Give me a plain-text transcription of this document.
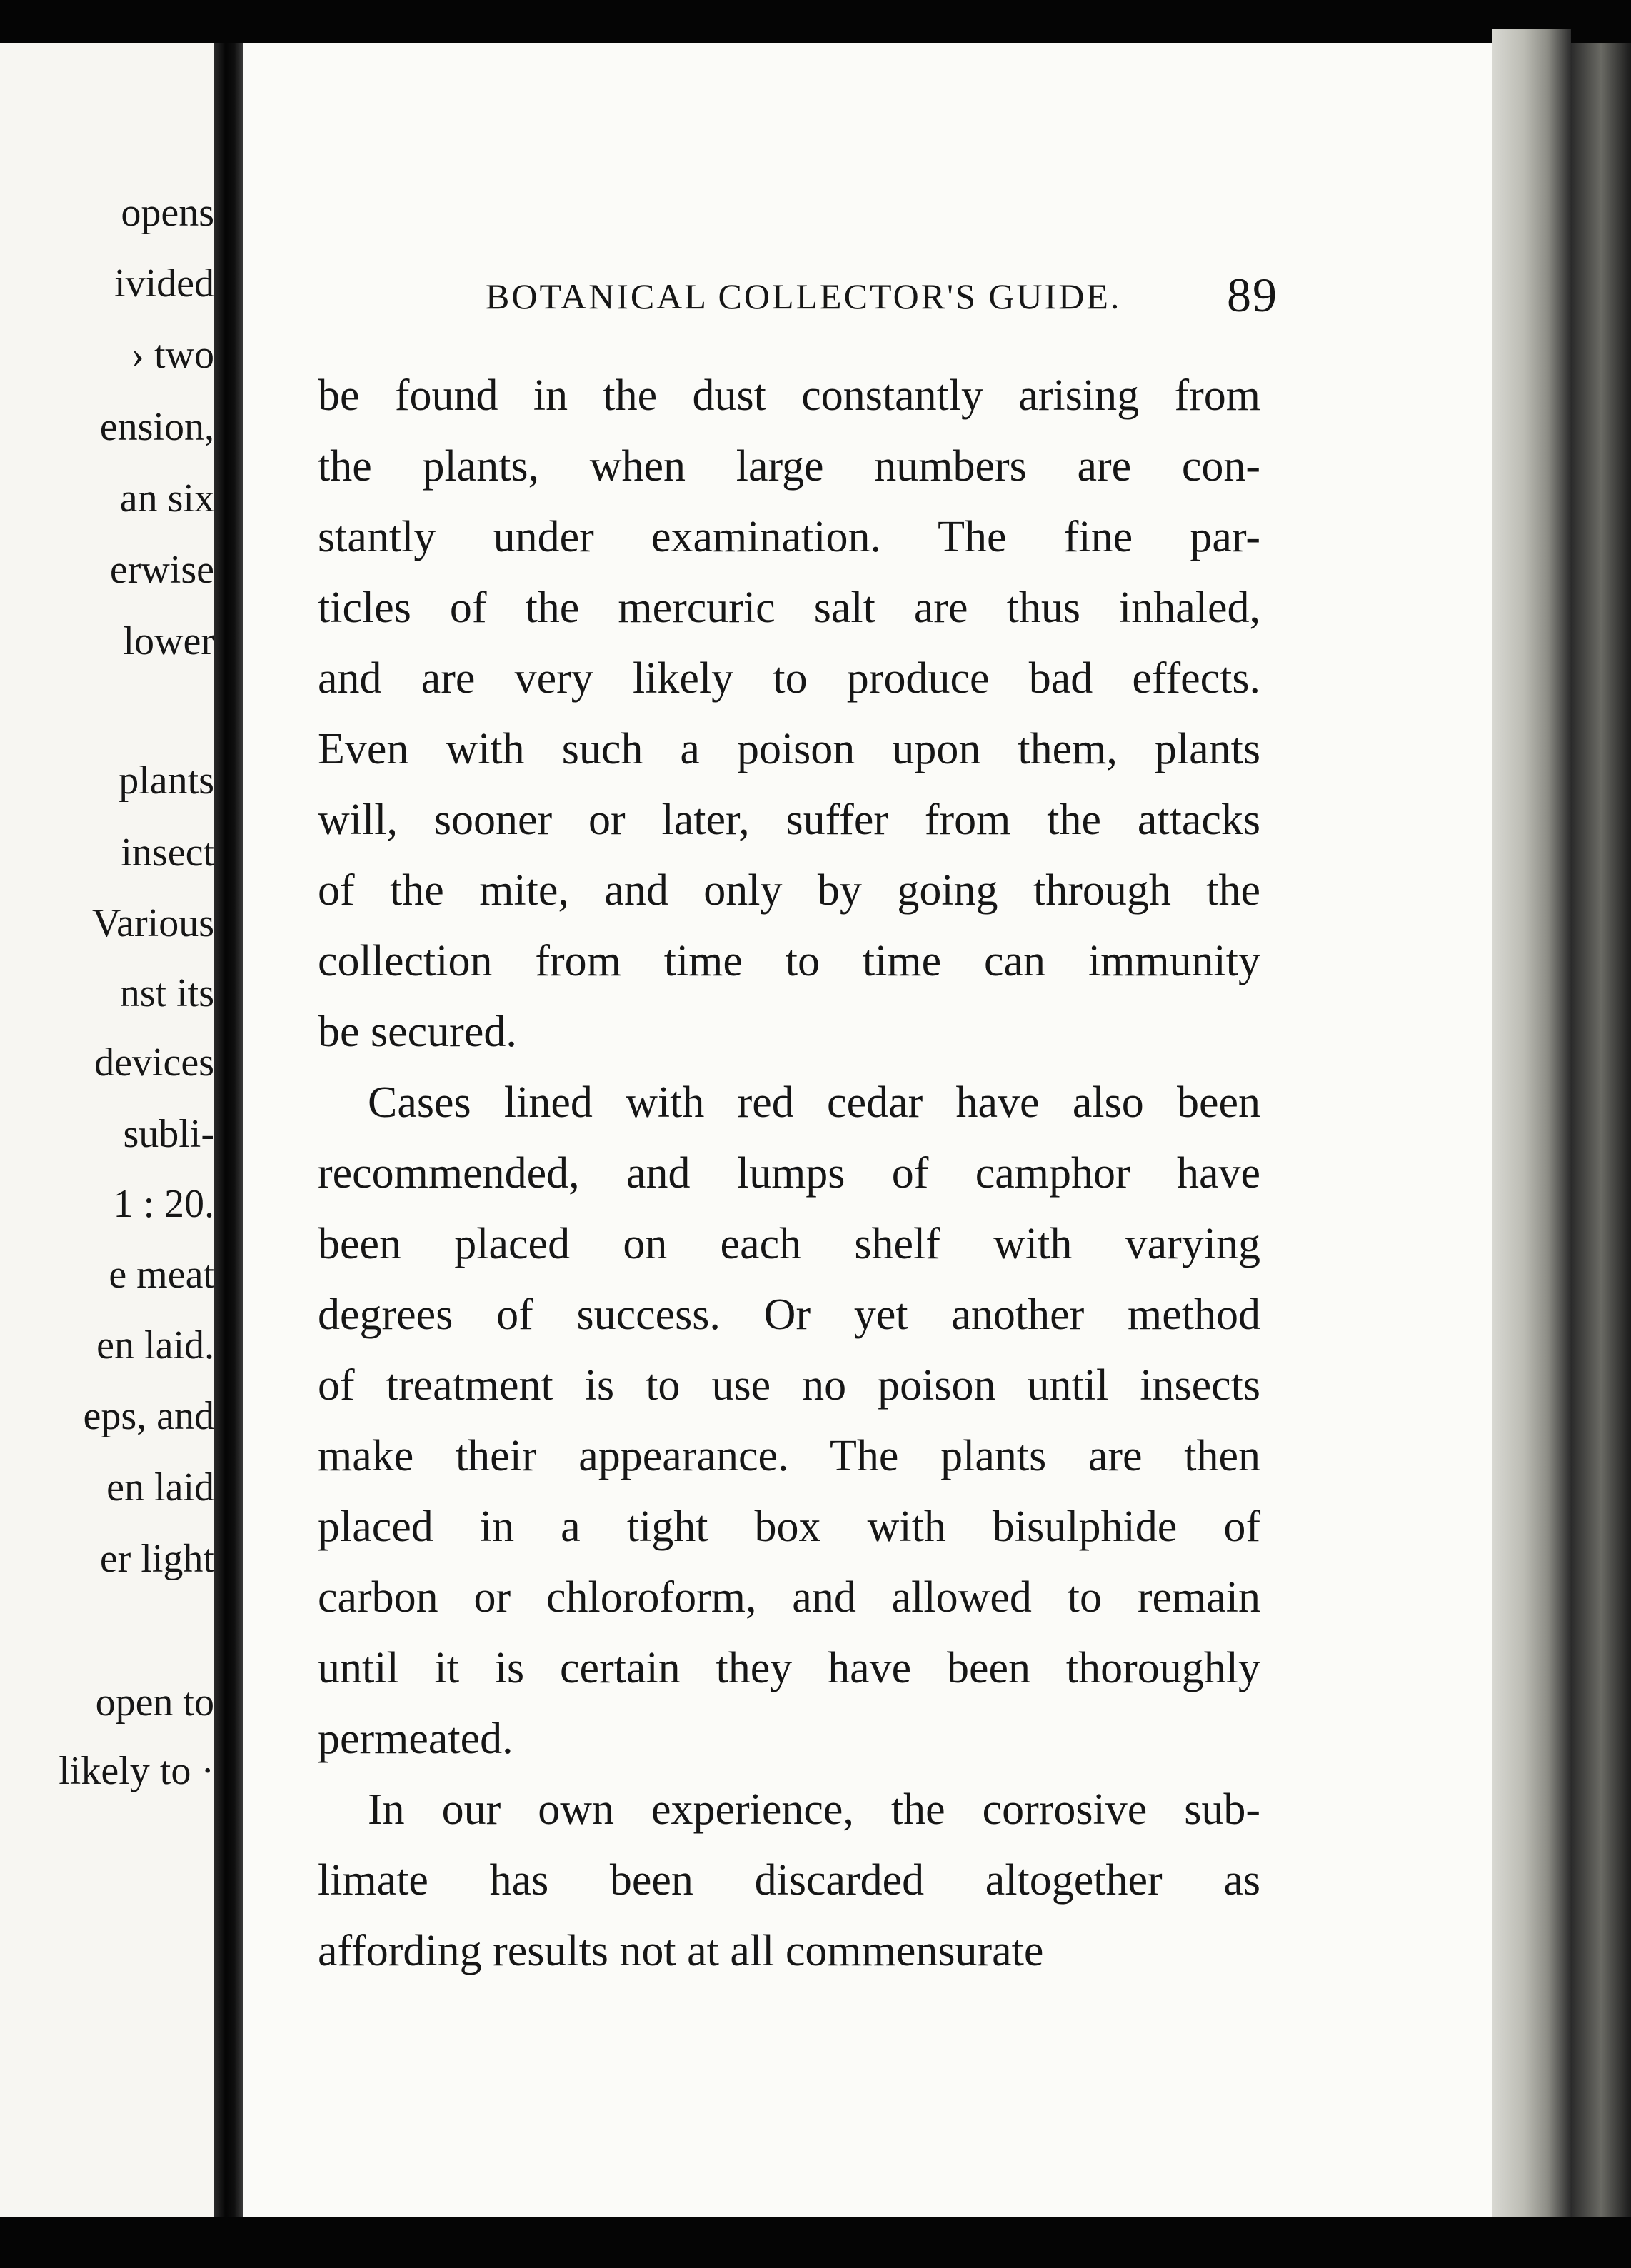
opens
ivided
› two
ension,
an six
erwise
lower
plants
insect
Various
nst its
devices
subli-
1 : 20.
e meat
en laid.
eps, and
en laid
er light
open to
likely to ·
BOTANICAL COLLECTOR'S GUIDE. 89
be found in the dust constantly arising from
the plants, when large numbers are con-
stantly under examination. The fine par-
ticles of the mercuric salt are thus inhaled,
and are very likely to produce bad effects.
Even with such a poison upon them, plants
will, sooner or later, suffer from the attacks
of the mite, and only by going through the
collection from time to time can immunity
be secured.
Cases lined with red cedar have also been
recommended, and lumps of camphor have
been placed on each shelf with varying
degrees of success. Or yet another method
of treatment is to use no poison until insects
make their appearance. The plants are then
placed in a tight box with bisulphide of
carbon or chloroform, and allowed to remain
until it is certain they have been thoroughly
permeated.
In our own experience, the corrosive sub-
limate has been discarded altogether as
affording results not at all commensurate
